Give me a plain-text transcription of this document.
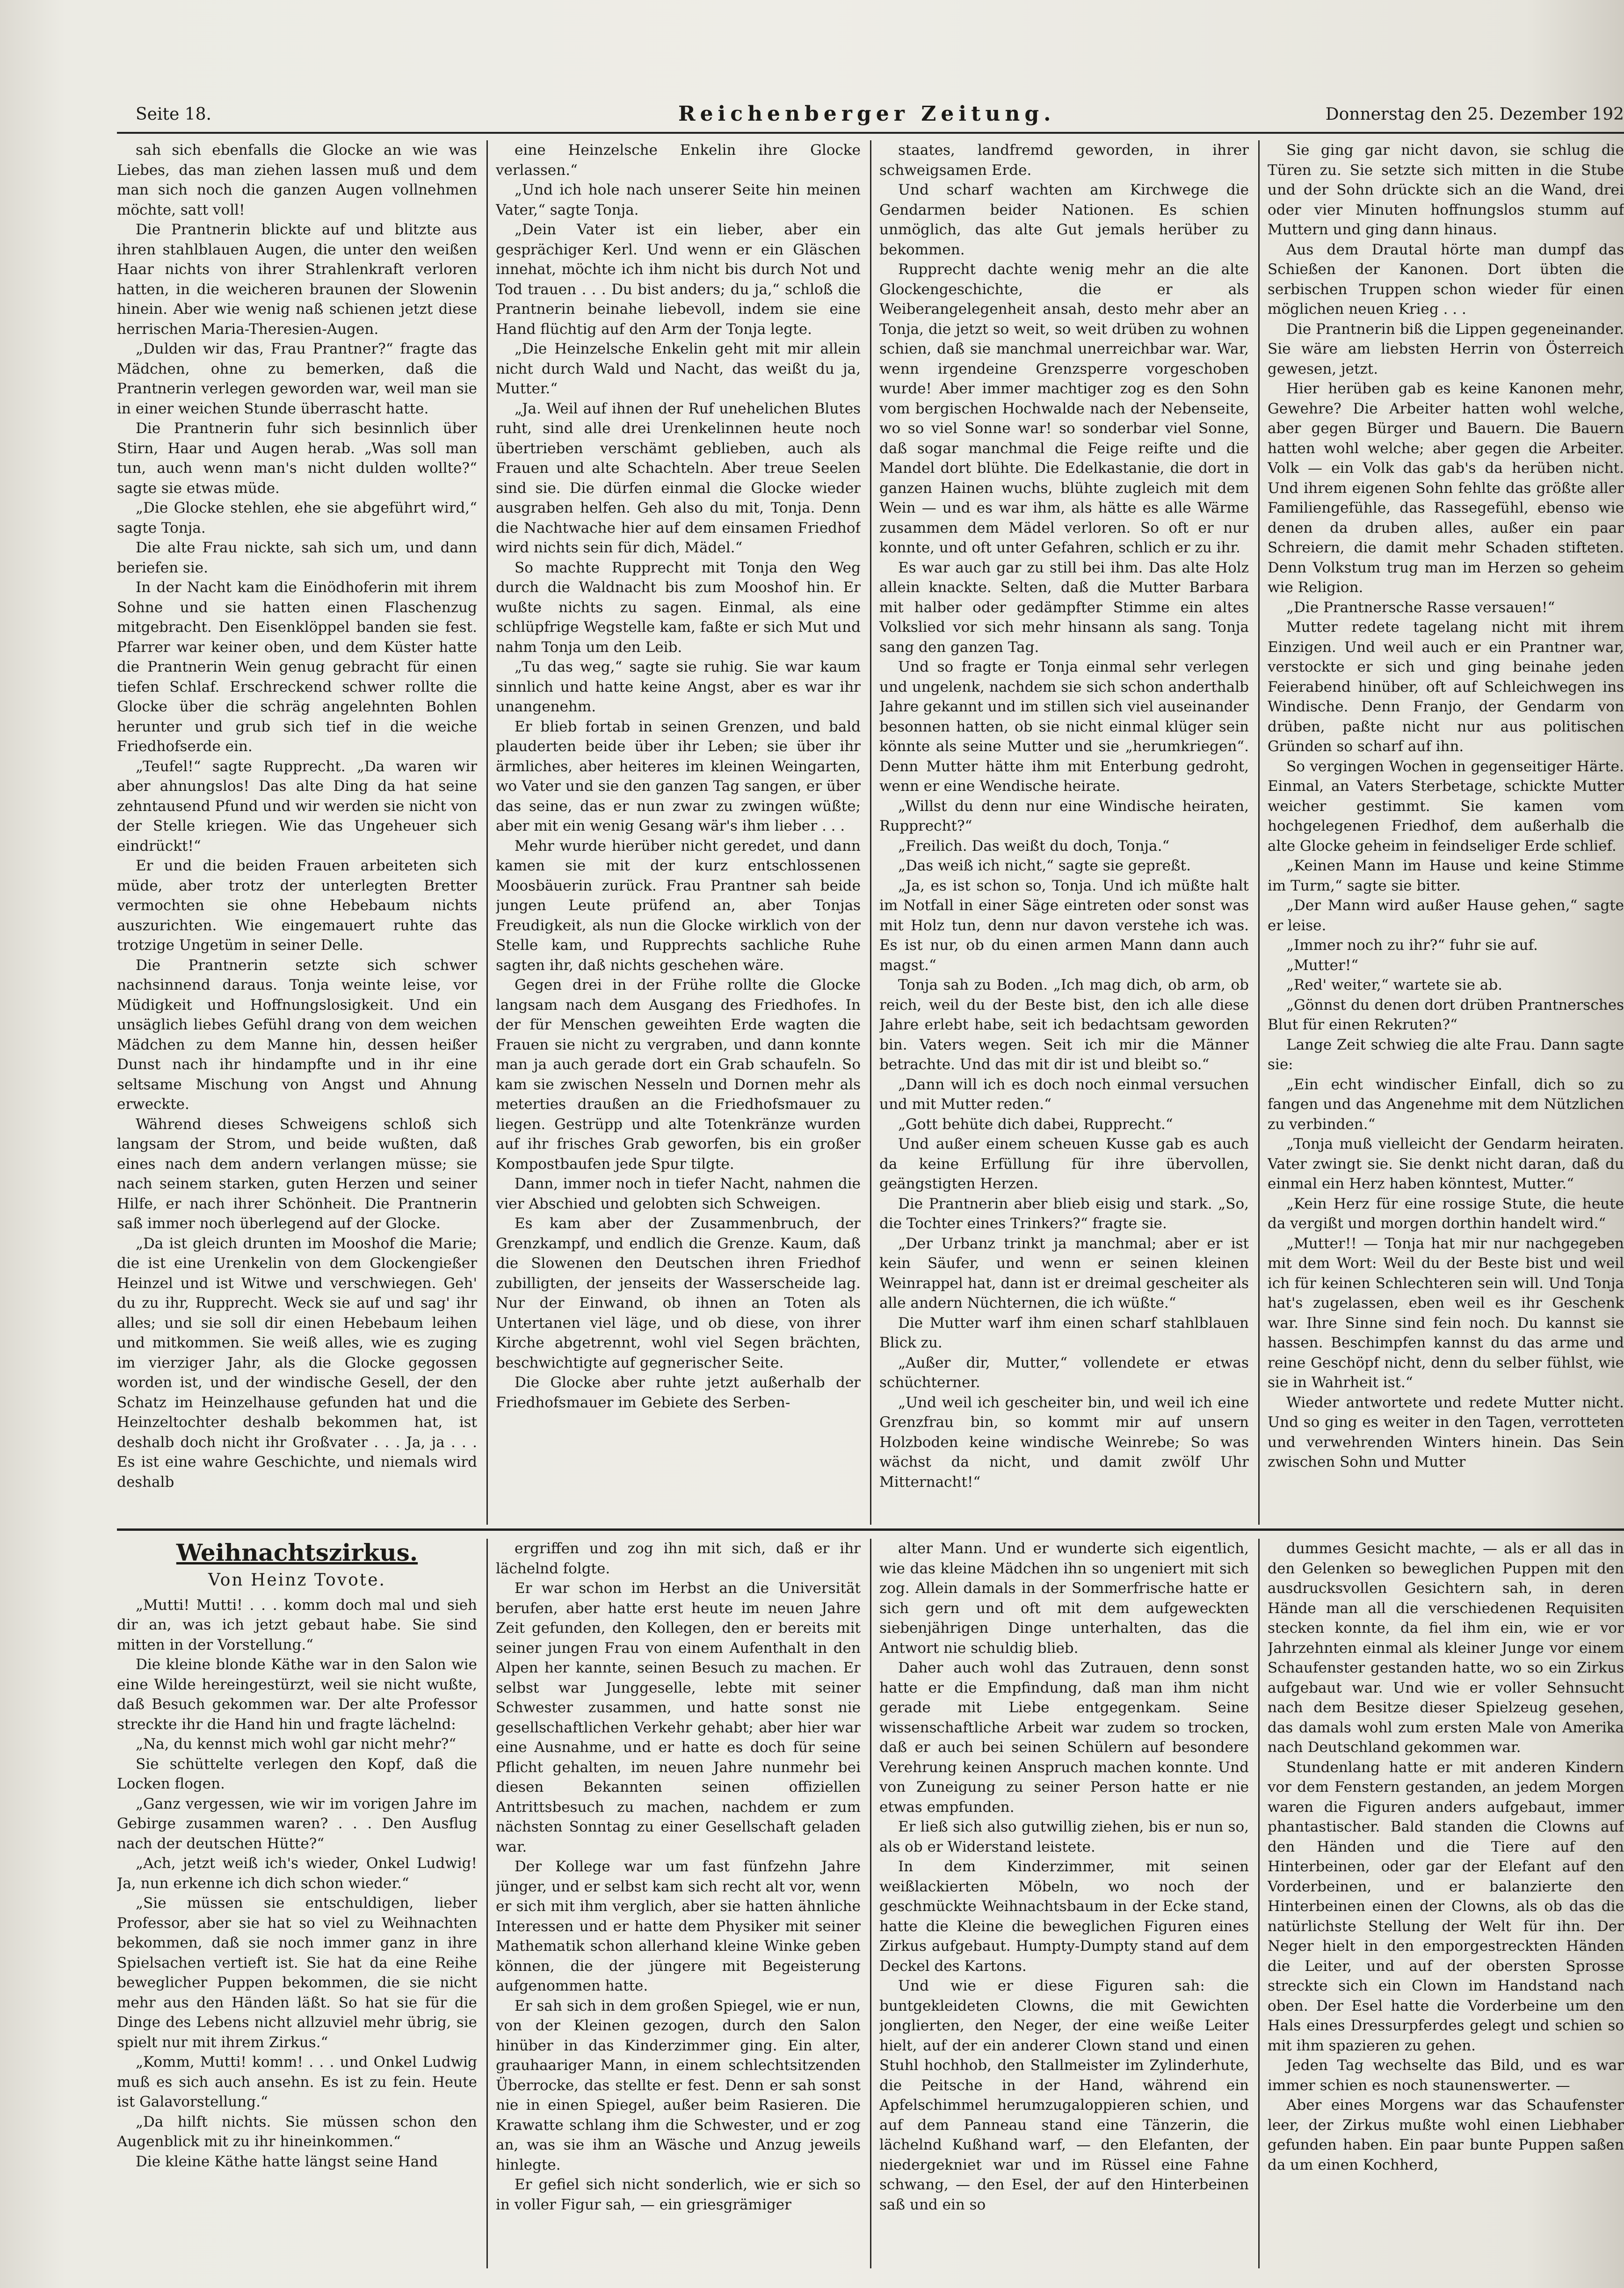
Seite 18.	Reichenberger Zeitung.	Donnerstag den 25. Dezember 192

sah sich ebenfalls die Glocke an wie was Liebes, das man ziehen lassen muß und dem man sich noch die ganzen Augen vollnehmen möchte, satt voll!

Die Prantnerin blickte auf und blitzte aus ihren stahlblauen Augen, die unter den weißen Haar nichts von ihrer Strahlenkraft verloren hatten, in die weicheren braunen der Slowenin hinein. Aber wie wenig naß schienen jetzt diese herrischen Maria-Theresien-Augen.

„Dulden wir das, Frau Prantner?“ fragte das Mädchen, ohne zu bemerken, daß die Prantnerin verlegen geworden war, weil man sie in einer weichen Stunde überrascht hatte.

Die Prantnerin fuhr sich besinnlich über Stirn, Haar und Augen herab. „Was soll man tun, auch wenn man's nicht dulden wollte?“ sagte sie etwas müde.

„Die Glocke stehlen, ehe sie abgeführt wird,“ sagte Tonja.

Die alte Frau nickte, sah sich um, und dann beriefen sie.

In der Nacht kam die Einödhoferin mit ihrem Sohne und sie hatten einen Flaschenzug mitgebracht. Den Eisenklöppel banden sie fest. Pfarrer war keiner oben, und dem Küster hatte die Prantnerin Wein genug gebracht für einen tiefen Schlaf. Erschreckend schwer rollte die Glocke über die schräg angelehnten Bohlen herunter und grub sich tief in die weiche Friedhofserde ein.

„Teufel!“ sagte Rupprecht. „Da waren wir aber ahnungslos! Das alte Ding da hat seine zehntausend Pfund und wir werden sie nicht von der Stelle kriegen. Wie das Ungeheuer sich eindrückt!“

Er und die beiden Frauen arbeiteten sich müde, aber trotz der unterlegten Bretter vermochten sie ohne Hebebaum nichts auszurichten. Wie eingemauert ruhte das trotzige Ungetüm in seiner Delle.

Die Prantnerin setzte sich schwer nachsinnend daraus. Tonja weinte leise, vor Müdigkeit und Hoffnungslosigkeit. Und ein unsäglich liebes Gefühl drang von dem weichen Mädchen zu dem Manne hin, dessen heißer Dunst nach ihr hindampfte und in ihr eine seltsame Mischung von Angst und Ahnung erweckte.

Während dieses Schweigens schloß sich langsam der Strom, und beide wußten, daß eines nach dem andern verlangen müsse; sie nach seinem starken, guten Herzen und seiner Hilfe, er nach ihrer Schönheit. Die Prantnerin saß immer noch überlegend auf der Glocke.

„Da ist gleich drunten im Mooshof die Marie; die ist eine Urenkelin von dem Glockengießer Heinzel und ist Witwe und verschwiegen. Geh' du zu ihr, Rupprecht. Weck sie auf und sag' ihr alles; und sie soll dir einen Hebebaum leihen und mitkommen. Sie weiß alles, wie es zuging im vierziger Jahr, als die Glocke gegossen worden ist, und der windische Gesell, der den Schatz im Heinzelhause gefunden hat und die Heinzeltochter deshalb bekommen hat, ist deshalb doch nicht ihr Großvater . . . Ja, ja . . . Es ist eine wahre Geschichte, und niemals wird deshalb

eine Heinzelsche Enkelin ihre Glocke verlassen.“

„Und ich hole nach unserer Seite hin meinen Vater,“ sagte Tonja.

„Dein Vater ist ein lieber, aber ein gesprächiger Kerl. Und wenn er ein Gläschen innehat, möchte ich ihm nicht bis durch Not und Tod trauen . . . Du bist anders; du ja,“ schloß die Prantnerin beinahe liebevoll, indem sie eine Hand flüchtig auf den Arm der Tonja legte.

„Die Heinzelsche Enkelin geht mit mir allein nicht durch Wald und Nacht, das weißt du ja, Mutter.“

„Ja. Weil auf ihnen der Ruf unehelichen Blutes ruht, sind alle drei Urenkelinnen heute noch übertrieben verschämt geblieben, auch als Frauen und alte Schachteln. Aber treue Seelen sind sie. Die dürfen einmal die Glocke wieder ausgraben helfen. Geh also du mit, Tonja. Denn die Nachtwache hier auf dem einsamen Friedhof wird nichts sein für dich, Mädel.“

So machte Rupprecht mit Tonja den Weg durch die Waldnacht bis zum Mooshof hin. Er wußte nichts zu sagen. Einmal, als eine schlüpfrige Wegstelle kam, faßte er sich Mut und nahm Tonja um den Leib.

„Tu das weg,“ sagte sie ruhig. Sie war kaum sinnlich und hatte keine Angst, aber es war ihr unangenehm.

Er blieb fortab in seinen Grenzen, und bald plauderten beide über ihr Leben; sie über ihr ärmliches, aber heiteres im kleinen Weingarten, wo Vater und sie den ganzen Tag sangen, er über das seine, das er nun zwar zu zwingen wüßte; aber mit ein wenig Gesang wär's ihm lieber . . .

Mehr wurde hierüber nicht geredet, und dann kamen sie mit der kurz entschlossenen Moosbäuerin zurück. Frau Prantner sah beide jungen Leute prüfend an, aber Tonjas Freudigkeit, als nun die Glocke wirklich von der Stelle kam, und Rupprechts sachliche Ruhe sagten ihr, daß nichts geschehen wäre.

Gegen drei in der Frühe rollte die Glocke langsam nach dem Ausgang des Friedhofes. In der für Menschen geweihten Erde wagten die Frauen sie nicht zu vergraben, und dann konnte man ja auch gerade dort ein Grab schaufeln. So kam sie zwischen Nesseln und Dornen mehr als meterties draußen an die Friedhofsmauer zu liegen. Gestrüpp und alte Totenkränze wurden auf ihr frisches Grab geworfen, bis ein großer Kompostbaufen jede Spur tilgte.

Dann, immer noch in tiefer Nacht, nahmen die vier Abschied und gelobten sich Schweigen.

Es kam aber der Zusammenbruch, der Grenzkampf, und endlich die Grenze. Kaum, daß die Slowenen den Deutschen ihren Friedhof zubilligten, der jenseits der Wasserscheide lag. Nur der Einwand, ob ihnen an Toten als Untertanen viel läge, und ob diese, von ihrer Kirche abgetrennt, wohl viel Segen brächten, beschwichtigte auf gegnerischer Seite.

Die Glocke aber ruhte jetzt außerhalb der Friedhofsmauer im Gebiete des Serben-

staates, landfremd geworden, in ihrer schweigsamen Erde.

Und scharf wachten am Kirchwege die Gendarmen beider Nationen. Es schien unmöglich, das alte Gut jemals herüber zu bekommen.

Rupprecht dachte wenig mehr an die alte Glockengeschichte, die er als Weiberangelegenheit ansah, desto mehr aber an Tonja, die jetzt so weit, so weit drüben zu wohnen schien, daß sie manchmal unerreichbar war. War, wenn irgendeine Grenzsperre vorgeschoben wurde! Aber immer machtiger zog es den Sohn vom bergischen Hochwalde nach der Nebenseite, wo so viel Sonne war! so sonderbar viel Sonne, daß sogar manchmal die Feige reifte und die Mandel dort blühte. Die Edelkastanie, die dort in ganzen Hainen wuchs, blühte zugleich mit dem Wein — und es war ihm, als hätte es alle Wärme zusammen dem Mädel verloren. So oft er nur konnte, und oft unter Gefahren, schlich er zu ihr.

Es war auch gar zu still bei ihm. Das alte Holz allein knackte. Selten, daß die Mutter Barbara mit halber oder gedämpfter Stimme ein altes Volkslied vor sich mehr hinsann als sang. Tonja sang den ganzen Tag.

Und so fragte er Tonja einmal sehr verlegen und ungelenk, nachdem sie sich schon anderthalb Jahre gekannt und im stillen sich viel auseinander besonnen hatten, ob sie nicht einmal klüger sein könnte als seine Mutter und sie „herumkriegen“. Denn Mutter hätte ihm mit Enterbung gedroht, wenn er eine Wendische heirate.

„Willst du denn nur eine Windische heiraten, Rupprecht?“

„Freilich. Das weißt du doch, Tonja.“

„Das weiß ich nicht,“ sagte sie gepreßt.

„Ja, es ist schon so, Tonja. Und ich müßte halt im Notfall in einer Säge eintreten oder sonst was mit Holz tun, denn nur davon verstehe ich was. Es ist nur, ob du einen armen Mann dann auch magst.“

Tonja sah zu Boden. „Ich mag dich, ob arm, ob reich, weil du der Beste bist, den ich alle diese Jahre erlebt habe, seit ich bedachtsam geworden bin. Vaters wegen. Seit ich mir die Männer betrachte. Und das mit dir ist und bleibt so.“

„Dann will ich es doch noch einmal versuchen und mit Mutter reden.“

„Gott behüte dich dabei, Rupprecht.“

Und außer einem scheuen Kusse gab es auch da keine Erfüllung für ihre übervollen, geängstigten Herzen.

Die Prantnerin aber blieb eisig und stark. „So, die Tochter eines Trinkers?“ fragte sie.

„Der Urbanz trinkt ja manchmal; aber er ist kein Säufer, und wenn er seinen kleinen Weinrappel hat, dann ist er dreimal gescheiter als alle andern Nüchternen, die ich wüßte.“

Die Mutter warf ihm einen scharf stahlblauen Blick zu.

„Außer dir, Mutter,“ vollendete er etwas schüchterner.

„Und weil ich gescheiter bin, und weil ich eine Grenzfrau bin, so kommt mir auf unsern Holzboden keine windische Weinrebe; So was wächst da nicht, und damit zwölf Uhr Mitternacht!“

Sie ging gar nicht davon, sie schlug die Türen zu. Sie setzte sich mitten in die Stube und der Sohn drückte sich an die Wand, drei oder vier Minuten hoffnungslos stumm auf Muttern und ging dann hinaus.

Aus dem Drautal hörte man dumpf das Schießen der Kanonen. Dort übten die serbischen Truppen schon wieder für einen möglichen neuen Krieg . . .

Die Prantnerin biß die Lippen gegeneinander. Sie wäre am liebsten Herrin von Österreich gewesen, jetzt.

Hier herüben gab es keine Kanonen mehr, Gewehre? Die Arbeiter hatten wohl welche, aber gegen Bürger und Bauern. Die Bauern hatten wohl welche; aber gegen die Arbeiter. Volk — ein Volk das gab's da herüben nicht. Und ihrem eigenen Sohn fehlte das größte aller Familiengefühle, das Rassegefühl, ebenso wie denen da druben alles, außer ein paar Schreiern, die damit mehr Schaden stifteten. Denn Volkstum trug man im Herzen so geheim wie Religion.

„Die Prantnersche Rasse versauen!“

Mutter redete tagelang nicht mit ihrem Einzigen. Und weil auch er ein Prantner war, verstockte er sich und ging beinahe jeden Feierabend hinüber, oft auf Schleichwegen ins Windische. Denn Franjo, der Gendarm von drüben, paßte nicht nur aus politischen Gründen so scharf auf ihn.

So vergingen Wochen in gegenseitiger Härte. Einmal, an Vaters Sterbetage, schickte Mutter weicher gestimmt. Sie kamen vom hochgelegenen Friedhof, dem außerhalb die alte Glocke geheim in feindseliger Erde schlief.

„Keinen Mann im Hause und keine Stimme im Turm,“ sagte sie bitter.

„Der Mann wird außer Hause gehen,“ sagte er leise.

„Immer noch zu ihr?“ fuhr sie auf.

„Mutter!“

„Red' weiter,“ wartete sie ab.

„Gönnst du denen dort drüben Prantnersches Blut für einen Rekruten?“

Lange Zeit schwieg die alte Frau. Dann sagte sie:

„Ein echt windischer Einfall, dich so zu fangen und das Angenehme mit dem Nützlichen zu verbinden.“

„Tonja muß vielleicht der Gendarm heiraten. Vater zwingt sie. Sie denkt nicht daran, daß du einmal ein Herz haben könntest, Mutter.“

„Kein Herz für eine rossige Stute, die heute da vergißt und morgen dorthin handelt wird.“

„Mutter!! — Tonja hat mir nur nachgegeben mit dem Wort: Weil du der Beste bist und weil ich für keinen Schlechteren sein will. Und Tonja hat's zugelassen, eben weil es ihr Geschenk war. Ihre Sinne sind fein noch. Du kannst sie hassen. Beschimpfen kannst du das arme und reine Geschöpf nicht, denn du selber fühlst, wie sie in Wahrheit ist.“

Wieder antwortete und redete Mutter nicht. Und so ging es weiter in den Tagen, verrotteten und verwehrenden Winters hinein. Das Sein zwischen Sohn und Mutter

Weihnachtszirkus.
Von Heinz Tovote.

„Mutti! Mutti! . . . komm doch mal und sieh dir an, was ich jetzt gebaut habe. Sie sind mitten in der Vorstellung.“

Die kleine blonde Käthe war in den Salon wie eine Wilde hereingestürzt, weil sie nicht wußte, daß Besuch gekommen war. Der alte Professor streckte ihr die Hand hin und fragte lächelnd:

„Na, du kennst mich wohl gar nicht mehr?“

Sie schüttelte verlegen den Kopf, daß die Locken flogen.

„Ganz vergessen, wie wir im vorigen Jahre im Gebirge zusammen waren? . . . Den Ausflug nach der deutschen Hütte?“

„Ach, jetzt weiß ich's wieder, Onkel Ludwig! Ja, nun erkenne ich dich schon wieder.“

„Sie müssen sie entschuldigen, lieber Professor, aber sie hat so viel zu Weihnachten bekommen, daß sie noch immer ganz in ihre Spielsachen vertieft ist. Sie hat da eine Reihe beweglicher Puppen bekommen, die sie nicht mehr aus den Händen läßt. So hat sie für die Dinge des Lebens nicht allzuviel mehr übrig, sie spielt nur mit ihrem Zirkus.“

„Komm, Mutti! komm! . . . und Onkel Ludwig muß es sich auch ansehn. Es ist zu fein. Heute ist Galavorstellung.“

„Da hilft nichts. Sie müssen schon den Augenblick mit zu ihr hineinkommen.“

Die kleine Käthe hatte längst seine Hand

ergriffen und zog ihn mit sich, daß er ihr lächelnd folgte.

Er war schon im Herbst an die Universität berufen, aber hatte erst heute im neuen Jahre Zeit gefunden, den Kollegen, den er bereits mit seiner jungen Frau von einem Aufenthalt in den Alpen her kannte, seinen Besuch zu machen. Er selbst war Junggeselle, lebte mit seiner Schwester zusammen, und hatte sonst nie gesellschaftlichen Verkehr gehabt; aber hier war eine Ausnahme, und er hatte es doch für seine Pflicht gehalten, im neuen Jahre nunmehr bei diesen Bekannten seinen offiziellen Antrittsbesuch zu machen, nachdem er zum nächsten Sonntag zu einer Gesellschaft geladen war.

Der Kollege war um fast fünfzehn Jahre jünger, und er selbst kam sich recht alt vor, wenn er sich mit ihm verglich, aber sie hatten ähnliche Interessen und er hatte dem Physiker mit seiner Mathematik schon allerhand kleine Winke geben können, die der jüngere mit Begeisterung aufgenommen hatte.

Er sah sich in dem großen Spiegel, wie er nun, von der Kleinen gezogen, durch den Salon hinüber in das Kinderzimmer ging. Ein alter, grauhaariger Mann, in einem schlechtsitzenden Überrocke, das stellte er fest. Denn er sah sonst nie in einen Spiegel, außer beim Rasieren. Die Krawatte schlang ihm die Schwester, und er zog an, was sie ihm an Wäsche und Anzug jeweils hinlegte.

Er gefiel sich nicht sonderlich, wie er sich so in voller Figur sah, — ein griesgrämiger

alter Mann. Und er wunderte sich eigentlich, wie das kleine Mädchen ihn so ungeniert mit sich zog. Allein damals in der Sommerfrische hatte er sich gern und oft mit dem aufgeweckten siebenjährigen Dinge unterhalten, das die Antwort nie schuldig blieb.

Daher auch wohl das Zutrauen, denn sonst hatte er die Empfindung, daß man ihm nicht gerade mit Liebe entgegenkam. Seine wissenschaftliche Arbeit war zudem so trocken, daß er auch bei seinen Schülern auf besondere Verehrung keinen Anspruch machen konnte. Und von Zuneigung zu seiner Person hatte er nie etwas empfunden.

Er ließ sich also gutwillig ziehen, bis er nun so, als ob er Widerstand leistete.

In dem Kinderzimmer, mit seinen weißlackierten Möbeln, wo noch der geschmückte Weihnachtsbaum in der Ecke stand, hatte die Kleine die beweglichen Figuren eines Zirkus aufgebaut. Humpty-Dumpty stand auf dem Deckel des Kartons.

Und wie er diese Figuren sah: die buntgekleideten Clowns, die mit Gewichten jonglierten, den Neger, der eine weiße Leiter hielt, auf der ein anderer Clown stand und einen Stuhl hochhob, den Stallmeister im Zylinderhute, die Peitsche in der Hand, während ein Apfelschimmel herumzugaloppieren schien, und auf dem Panneau stand eine Tänzerin, die lächelnd Kußhand warf, — den Elefanten, der niedergekniet war und im Rüssel eine Fahne schwang, — den Esel, der auf den Hinterbeinen saß und ein so

dummes Gesicht machte, — als er all das in den Gelenken so beweglichen Puppen mit den ausdrucksvollen Gesichtern sah, in deren Hände man all die verschiedenen Requisiten stecken konnte, da fiel ihm ein, wie er vor Jahrzehnten einmal als kleiner Junge vor einem Schaufenster gestanden hatte, wo so ein Zirkus aufgebaut war. Und wie er voller Sehnsucht nach dem Besitze dieser Spielzeug gesehen, das damals wohl zum ersten Male von Amerika nach Deutschland gekommen war.

Stundenlang hatte er mit anderen Kindern vor dem Fenstern gestanden, an jedem Morgen waren die Figuren anders aufgebaut, immer phantastischer. Bald standen die Clowns auf den Händen und die Tiere auf den Hinterbeinen, oder gar der Elefant auf den Vorderbeinen, und er balanzierte den Hinterbeinen einen der Clowns, als ob das die natürlichste Stellung der Welt für ihn. Der Neger hielt in den emporgestreckten Händen die Leiter, und auf der obersten Sprosse streckte sich ein Clown im Handstand nach oben. Der Esel hatte die Vorderbeine um den Hals eines Dressurpferdes gelegt und schien so mit ihm spazieren zu gehen.

Jeden Tag wechselte das Bild, und es war immer schien es noch staunenswerter. —

Aber eines Morgens war das Schaufenster leer, der Zirkus mußte wohl einen Liebhaber gefunden haben. Ein paar bunte Puppen saßen da um einen Kochherd,
